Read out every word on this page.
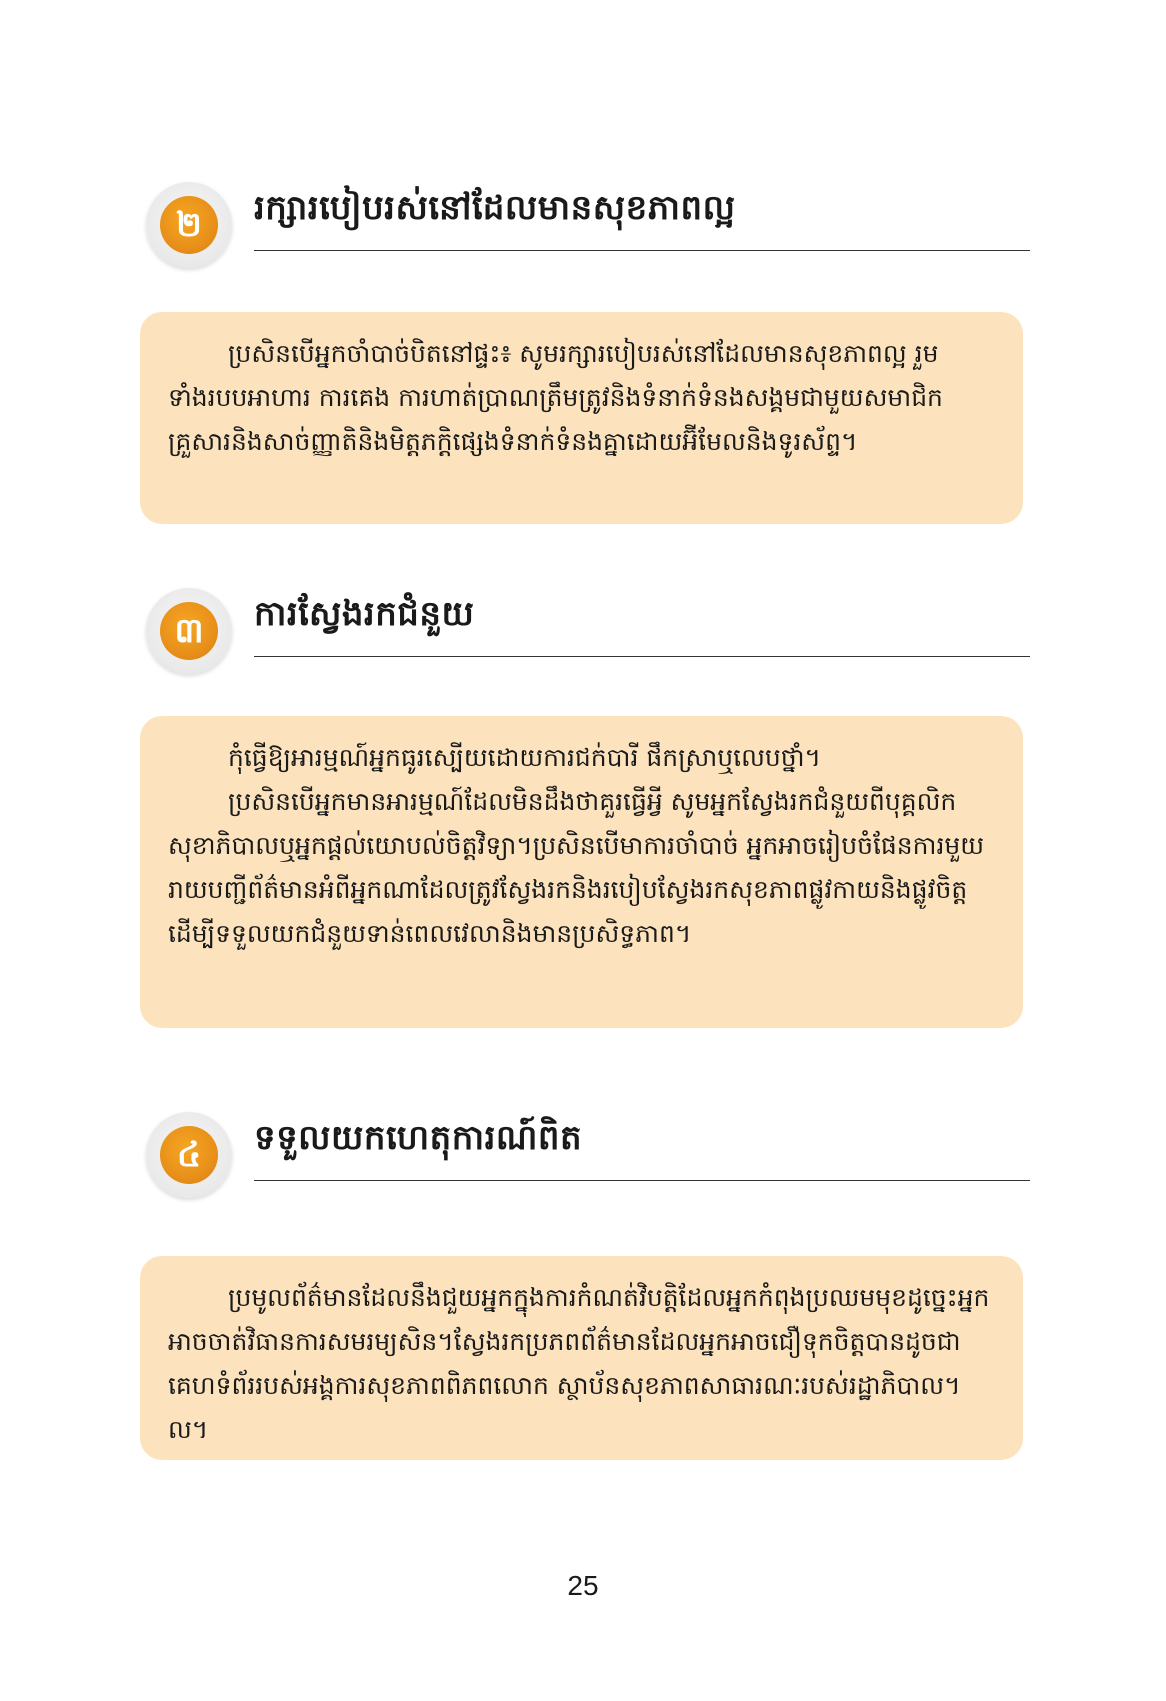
២	រក្សារបៀបរស់នៅដែលមានសុខភាពល្អ

ប្រសិនបើអ្នកចាំបាច់បិតនៅផ្ទះ៖ សូមរក្សារបៀបរស់នៅដែលមានសុខភាពល្អ រួមទាំងរបបអាហារ ការគេង ការហាត់ប្រាណត្រឹមត្រូវនិងទំនាក់ទំនងសង្គមជាមួយសមាជិកគ្រួសារនិងសាច់ញ្ញាតិនិងមិត្តភក្តិផ្សេងទំនាក់ទំនងគ្នាដោយអ៊ីមែលនិងទូរស័ព្ទ។

៣	ការស្វែងរកជំនួយ

កុំធ្វើឱ្យអារម្មណ៍អ្នកធូរស្បើយដោយការជក់បារី ផឹកស្រាឬលេបថ្នាំ។

ប្រសិនបើអ្នកមានអារម្មណ៍ដែលមិនដឹងថាគួរធ្វើអ្វី សូមអ្នកស្វែងរកជំនួយពីបុគ្គលិកសុខាភិបាលឬអ្នកផ្តល់យោបល់ចិត្តវិទ្យា។ប្រសិនបើមាការចាំបាច់ អ្នកអាចរៀបចំផែនការមួយរាយបញ្ជីព័ត៌មានអំពីអ្នកណាដែលត្រូវស្វែងរកនិងរបៀបស្វែងរកសុខភាពផ្លូវកាយនិងផ្លូវចិត្តដើម្បីទទួលយកជំនួយទាន់ពេលវេលានិងមានប្រសិទ្ធភាព។

៤	ទទួលយកហេតុការណ៍ពិត

ប្រមូលព័ត៌មានដែលនឹងជួយអ្នកក្នុងការកំណត់វិបត្តិដែលអ្នកកំពុងប្រឈមមុខដូច្នេះអ្នកអាចចាត់វិធានការសមរម្យសិន។ស្វែងរកប្រភពព័ត៌មានដែលអ្នកអាចជឿទុកចិត្តបានដូចជាគេហទំព័ររបស់អង្គការសុខភាពពិភពលោក ស្ថាប័នសុខភាពសាធារណៈរបស់រដ្ឋាភិបាល។ល។

25
